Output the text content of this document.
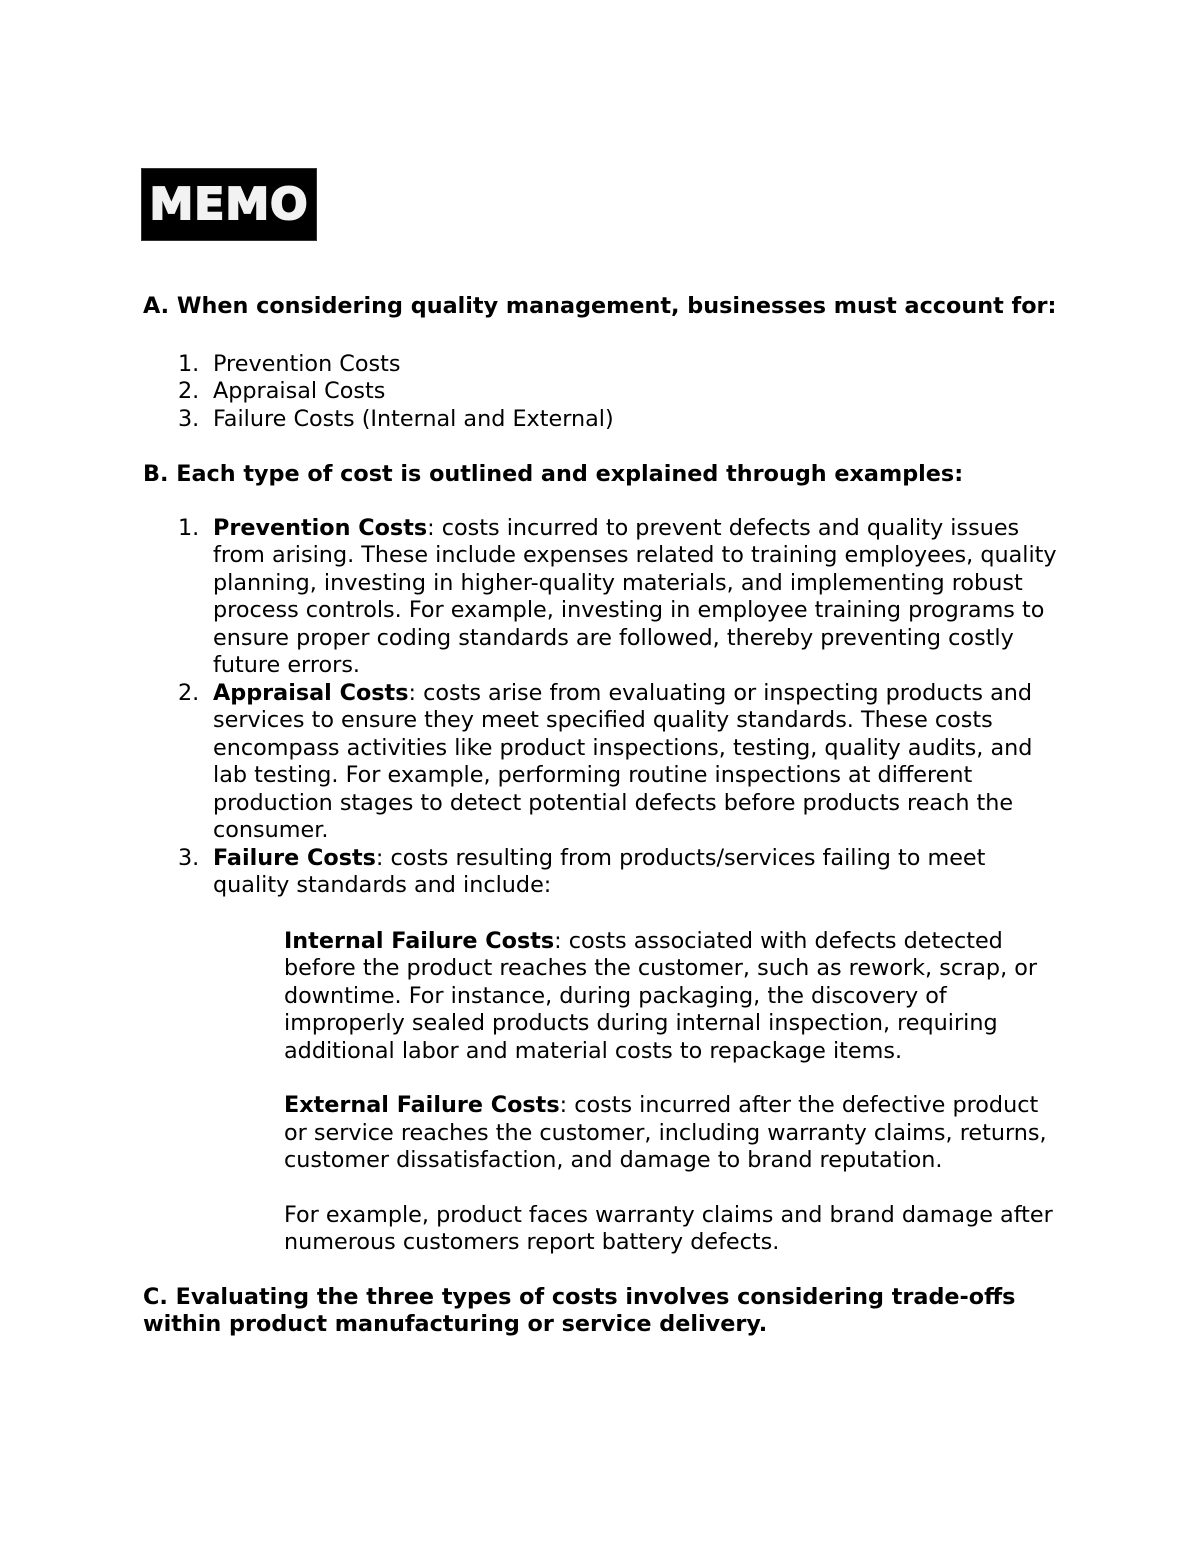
MEMO

A. When considering quality management, businesses must account for:

1. Prevention Costs
2. Appraisal Costs
3. Failure Costs (Internal and External)

B. Each type of cost is outlined and explained through examples:

1. Prevention Costs: costs incurred to prevent defects and quality issues from arising. These include expenses related to training employees, quality planning, investing in higher-quality materials, and implementing robust process controls. For example, investing in employee training programs to ensure proper coding standards are followed, thereby preventing costly future errors.
2. Appraisal Costs: costs arise from evaluating or inspecting products and services to ensure they meet specified quality standards. These costs encompass activities like product inspections, testing, quality audits, and lab testing. For example, performing routine inspections at different production stages to detect potential defects before products reach the consumer.
3. Failure Costs: costs resulting from products/services failing to meet quality standards and include:

Internal Failure Costs: costs associated with defects detected before the product reaches the customer, such as rework, scrap, or downtime. For instance, during packaging, the discovery of improperly sealed products during internal inspection, requiring additional labor and material costs to repackage items.

External Failure Costs: costs incurred after the defective product or service reaches the customer, including warranty claims, returns, customer dissatisfaction, and damage to brand reputation.

For example, product faces warranty claims and brand damage after numerous customers report battery defects.

C. Evaluating the three types of costs involves considering trade-offs within product manufacturing or service delivery.
